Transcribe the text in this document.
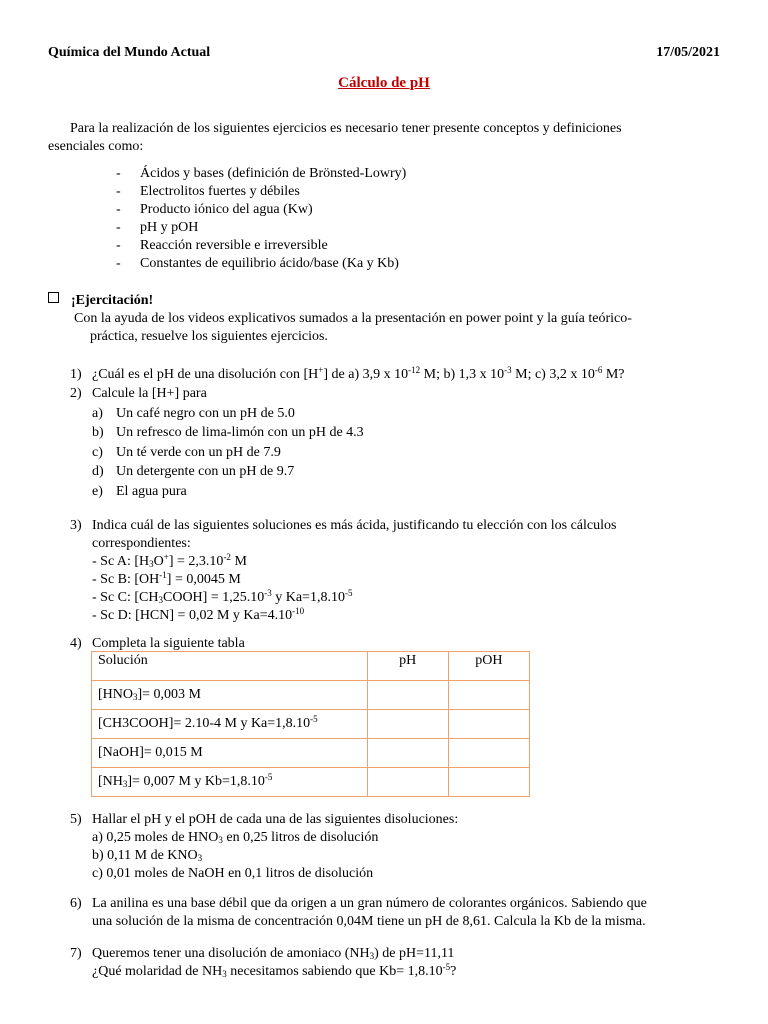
Química del Mundo Actual	17/05/2021
Cálculo de pH
Para la realización de los siguientes ejercicios es necesario tener presente conceptos y definiciones
esenciales como:
- Ácidos y bases (definición de Brönsted-Lowry)
- Electrolitos fuertes y débiles
- Producto iónico del agua (Kw)
- pH y pOH
- Reacción reversible e irreversible
- Constantes de equilibrio ácido/base (Ka y Kb)
¡Ejercitación!
Con la ayuda de los videos explicativos sumados a la presentación en power point y la guía teórico-
práctica, resuelve los siguientes ejercicios.
1) ¿Cuál es el pH de una disolución con [H+] de a) 3,9 x $10^{-12}$ M; b) 1,3 x $10^{-3}$ M; c) 3,2 x $10^{-6}$ M?
2) Calcule la [H+] para
a) Un café negro con un pH de 5.0
b) Un refresco de lima-limón con un pH de 4.3
c) Un té verde con un pH de 7.9
d) Un detergente con un pH de 9.7
e) El agua pura
3) Indica cuál de las siguientes soluciones es más ácida, justificando tu elección con los cálculos
correspondientes:
- Sc A: $[H_3O^+] = 2,3.10^{-2}$ M
- Sc B: $[OH^{-1}] = 0,0045$ M
- Sc C: $[CH_3COOH] = 1,25.10^{-3}$ y $Ka=1,8.10^{-5}$
- Sc D: [HCN] = 0,02 M y $Ka=4.10^{-10}$
4) Completa la siguiente tabla
Solución	pH	pOH
$[HNO_3]= 0,003$ M		
[CH3COOH]= 2.10-4 M y $Ka=1,8.10^{-5}$		
[NaOH]= 0,015 M		
$[NH_3]= 0,007$ M y $Kb=1,8.10^{-5}$		
5) Hallar el pH y el pOH de cada una de las siguientes disoluciones:
a) 0,25 moles de $HNO_3$ en 0,25 litros de disolución
b) 0,11 M de $KNO_3$
c) 0,01 moles de NaOH en 0,1 litros de disolución
6) La anilina es una base débil que da origen a un gran número de colorantes orgánicos. Sabiendo que
una solución de la misma de concentración 0,04M tiene un pH de 8,61. Calcula la Kb de la misma.
7) Queremos tener una disolución de amoniaco $(NH_3)$ de pH=11,11
¿Qué molaridad de $NH_3$ necesitamos sabiendo que $Kb= 1,8.10^{-5}$?
